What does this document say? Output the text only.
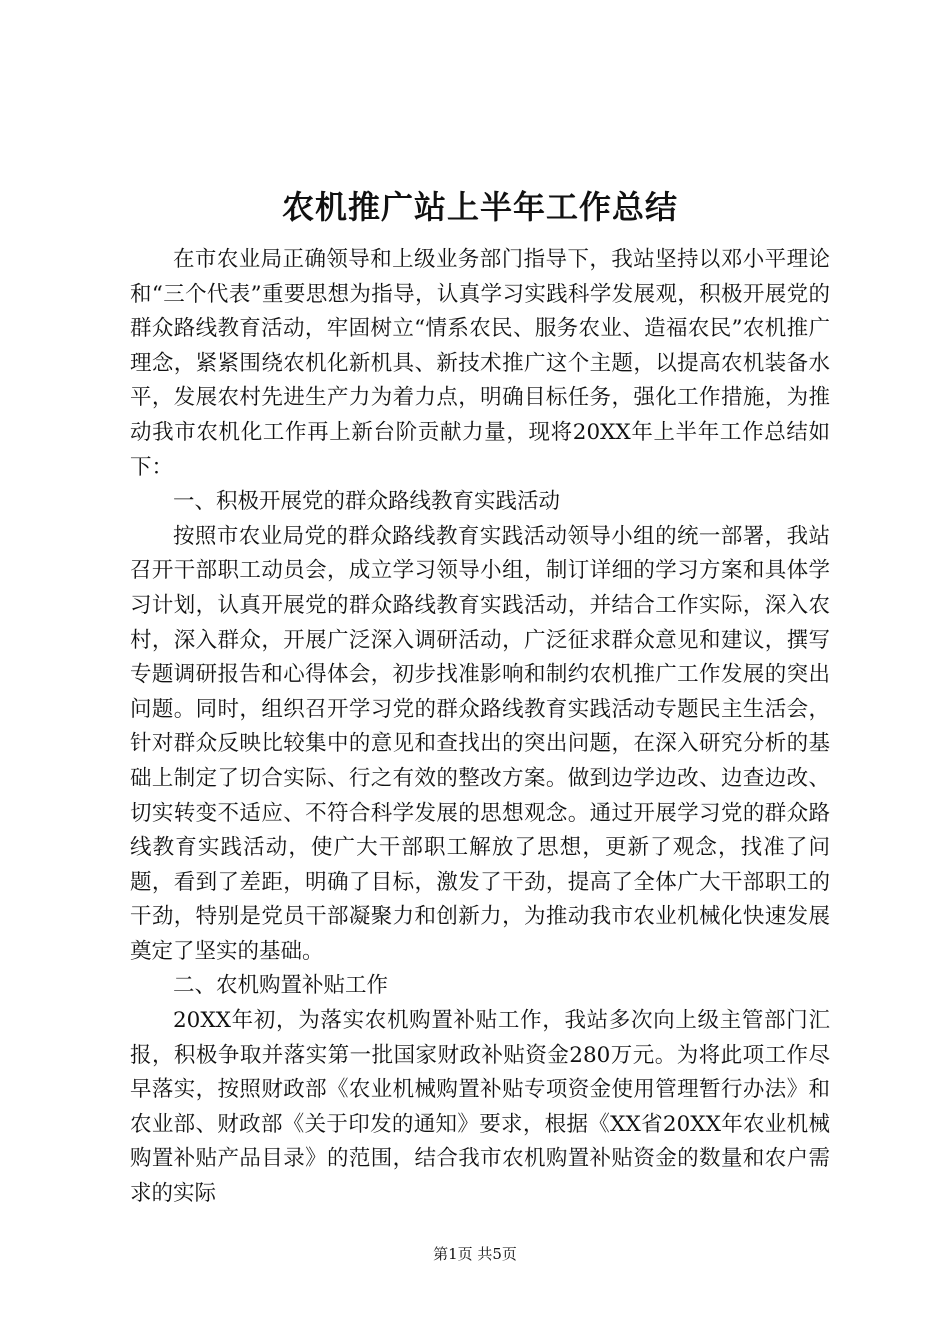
农机推广站上半年工作总结

在市农业局正确领导和上级业务部门指导下，我站坚持以邓小平理论和“三个代表”重要思想为指导，认真学习实践科学发展观，积极开展党的群众路线教育活动，牢固树立“情系农民、服务农业、造福农民”农机推广理念，紧紧围绕农机化新机具、新技术推广这个主题，以提高农机装备水平，发展农村先进生产力为着力点，明确目标任务，强化工作措施，为推动我市农机化工作再上新台阶贡献力量，现将20XX年上半年工作总结如下：

一、积极开展党的群众路线教育实践活动

按照市农业局党的群众路线教育实践活动领导小组的统一部署，我站召开干部职工动员会，成立学习领导小组，制订详细的学习方案和具体学习计划，认真开展党的群众路线教育实践活动，并结合工作实际，深入农村，深入群众，开展广泛深入调研活动，广泛征求群众意见和建议，撰写专题调研报告和心得体会，初步找准影响和制约农机推广工作发展的突出问题。同时，组织召开学习党的群众路线教育实践活动专题民主生活会，针对群众反映比较集中的意见和查找出的突出问题，在深入研究分析的基础上制定了切合实际、行之有效的整改方案。做到边学边改、边查边改、切实转变不适应、不符合科学发展的思想观念。通过开展学习党的群众路线教育实践活动，使广大干部职工解放了思想，更新了观念，找准了问题，看到了差距，明确了目标，激发了干劲，提高了全体广大干部职工的干劲，特别是党员干部凝聚力和创新力，为推动我市农业机械化快速发展奠定了坚实的基础。

二、农机购置补贴工作

20XX年初，为落实农机购置补贴工作，我站多次向上级主管部门汇报，积极争取并落实第一批国家财政补贴资金280万元。为将此项工作尽早落实，按照财政部《农业机械购置补贴专项资金使用管理暂行办法》和农业部、财政部《关于印发的通知》要求，根据《XX省20XX年农业机械购置补贴产品目录》的范围，结合我市农机购置补贴资金的数量和农户需求的实际

第1页 共5页
